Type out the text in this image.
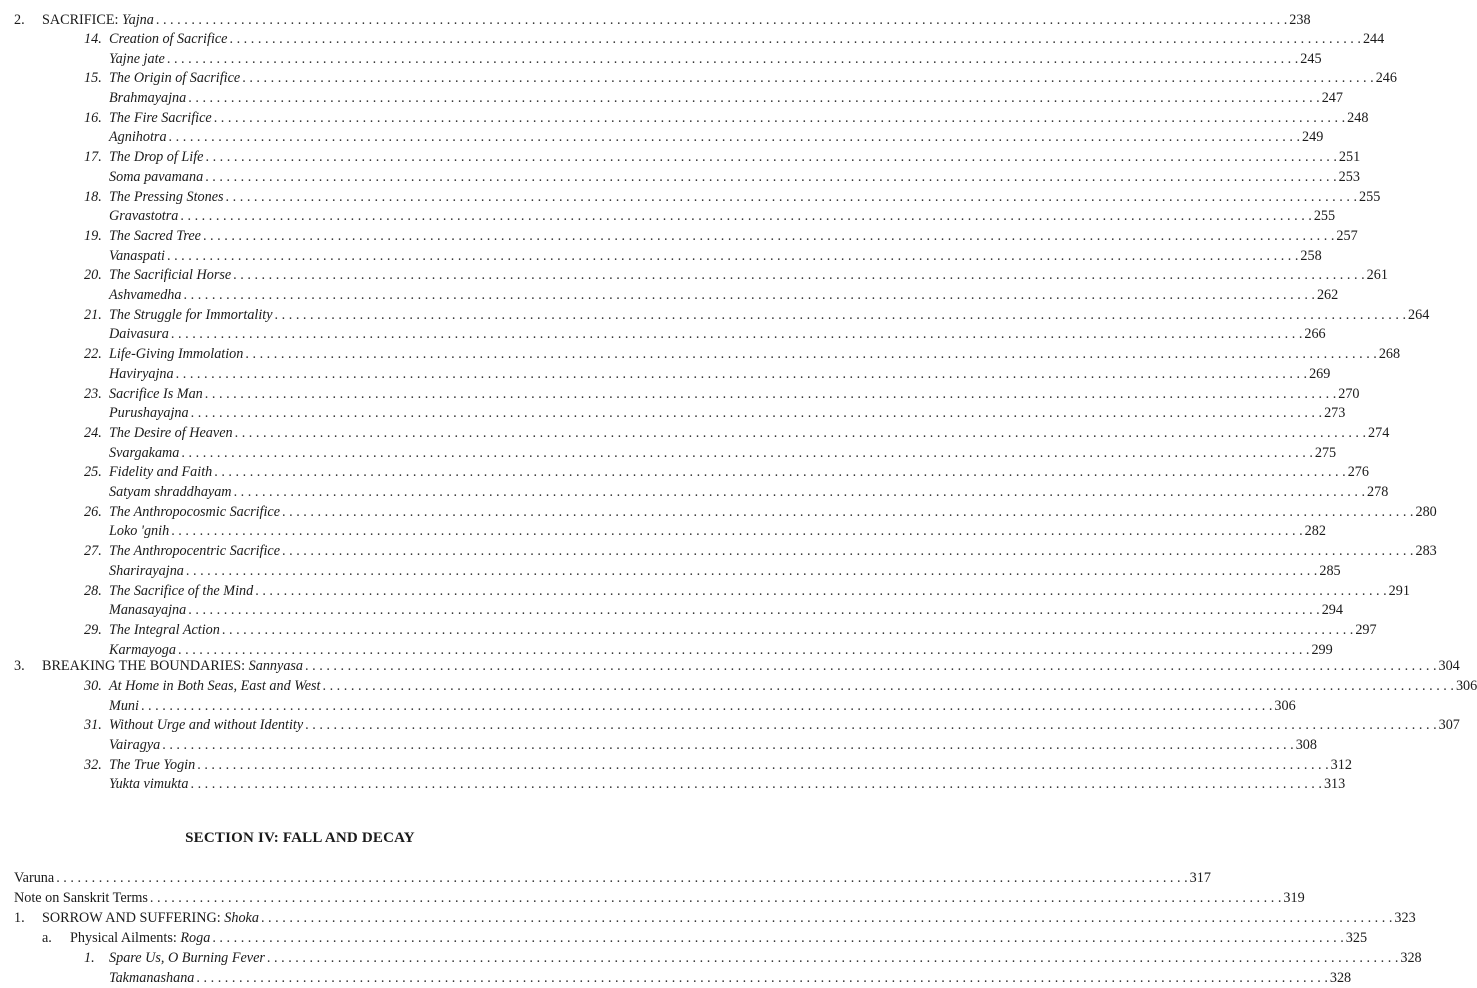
2.	SACRIFICE: Yajna . . .	238
14. Creation of Sacrifice . . .	244
Yajne jate . . .	245
15. The Origin of Sacrifice . . .	246
Brahmayajna . . .	247
16. The Fire Sacrifice . . .	248
Agnihotra . . .	249
17. The Drop of Life . . .	251
Soma pavamana . . .	253
18. The Pressing Stones . . .	255
Gravastotra . . .	255
19. The Sacred Tree . . .	257
Vanaspati . . .	258
20. The Sacrificial Horse . . .	261
Ashvamedha . . .	262
21. The Struggle for Immortality . . .	264
Daivasura . . .	266
22. Life-Giving Immolation . . .	268
Haviryajna . . .	269
23. Sacrifice Is Man . . .	270
Purushayajna . . .	273
24. The Desire of Heaven . . .	274
Svargakama . . .	275
25. Fidelity and Faith . . .	276
Satyam shraddhayam . . .	278
26. The Anthropocosmic Sacrifice . . .	280
Loko 'gnih . . .	282
27. The Anthropocentric Sacrifice . . .	283
Sharirayajna . . .	285
28. The Sacrifice of the Mind . . .	291
Manasayajna . . .	294
29. The Integral Action . . .	297
Karmayoga . . .	299
3.	BREAKING THE BOUNDARIES: Sannyasa . . .	304
30. At Home in Both Seas, East and West . . .	306
Muni . . .	306
31. Without Urge and without Identity . . .	307
Vairagya . . .	308
32. The True Yogin . . .	312
Yukta vimukta . . .	313
SECTION IV: FALL AND DECAY
Varuna . . .	317
Note on Sanskrit Terms . . .	319
1.	SORROW AND SUFFERING: Shoka . . .	323
a.	Physical Ailments: Roga . . .	325
1.	Spare Us, O Burning Fever . . .	328
Takmanashana . . .	328
